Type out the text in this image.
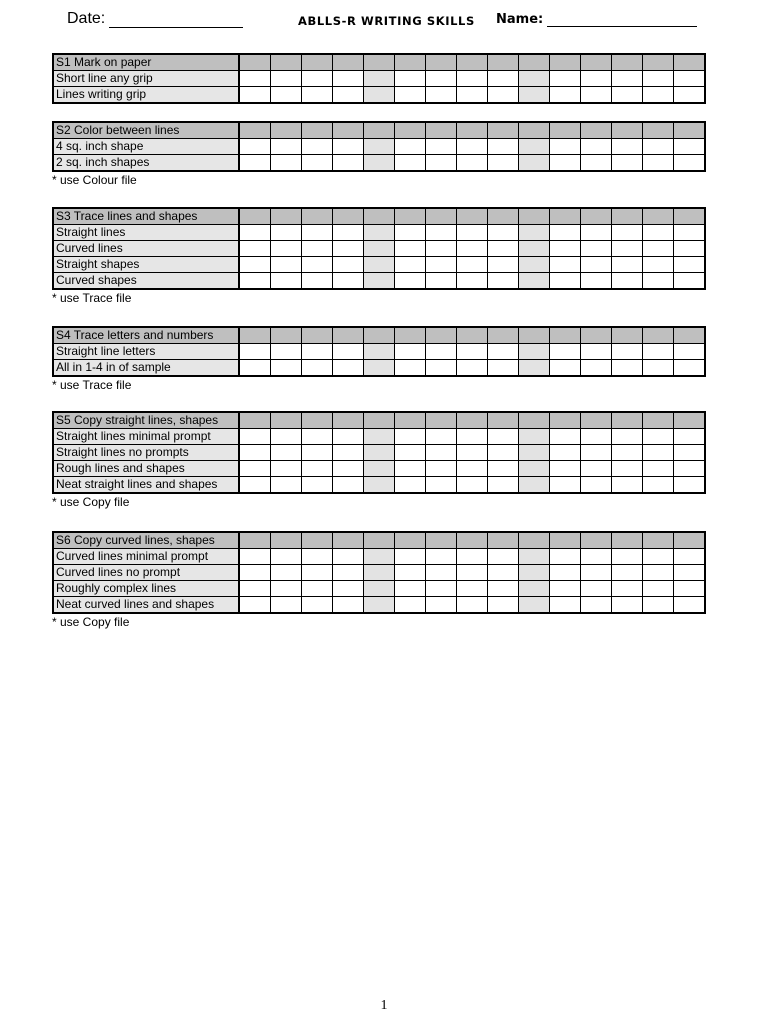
Date:	ABLLS-R WRITING SKILLS Name:
S1 Mark on paper															
Short line any grip															
Lines writing grip															
S2 Color between lines															
4 sq. inch shape															
2 sq. inch shapes															
* use Colour file
S3 Trace lines and shapes															
Straight lines															
Curved lines															
Straight shapes															
Curved shapes															
* use Trace file
S4 Trace letters and numbers															
Straight line letters															
All in 1-4 in of sample															
* use Trace file
S5 Copy straight lines, shapes															
Straight lines minimal prompt															
Straight lines no prompts															
Rough lines and shapes															
Neat straight lines and shapes															
* use Copy file
S6 Copy curved lines, shapes															
Curved lines minimal prompt															
Curved lines no prompt															
Roughly complex lines															
Neat curved lines and shapes															
* use Copy file
1
